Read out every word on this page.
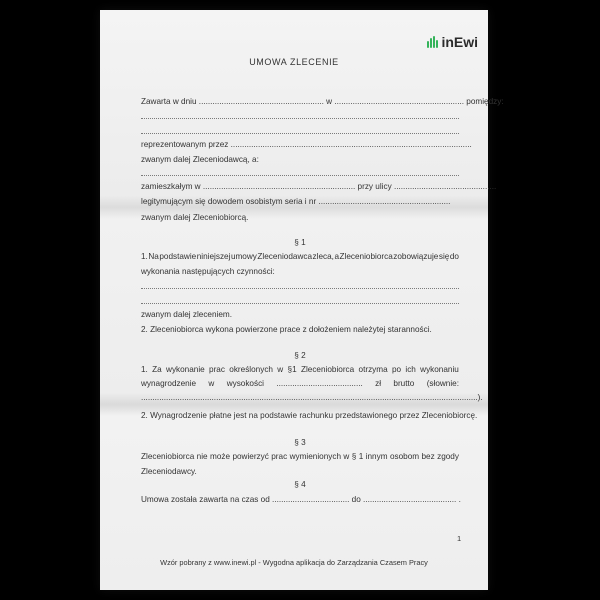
inEwi
UMOWA ZLECENIE
Zawarta w dniu ....................................................... w ......................................................... pomiędzy:
reprezentowanym przez ..........................................................................................................
zwanym dalej Zleceniodawcą, a:
zamieszkałym w ................................................................... przy ulicy .............................................
legitymującym się dowodem osobistym seria i nr ..........................................................
zwanym dalej Zleceniobiorcą.
§ 1
1. Na podstawie niniejszej umowy Zleceniodawca zleca, a Zleceniobiorca zobowiązuje się do
wykonania następujących czynności:
zwanym dalej zleceniem.
2. Zleceniobiorca wykona powierzone prace z dołożeniem należytej staranności.
§ 2
1. Za wykonanie prac określonych w §1 Zleceniobiorca otrzyma po ich wykonaniu
wynagrodzenie w wysokości ...................................... zł brutto (słownie:
....................................................................................................................................................).
2. Wynagrodzenie płatne jest na podstawie rachunku przedstawionego przez Zleceniobiorcę.
§ 3
Zleceniobiorca nie może powierzyć prac wymienionych w § 1 innym osobom bez zgody
Zleceniodawcy.
§ 4
Umowa została zawarta na czas od .................................. do ......................................... .
1
Wzór pobrany z www.inewi.pl - Wygodna aplikacja do Zarządzania Czasem Pracy
